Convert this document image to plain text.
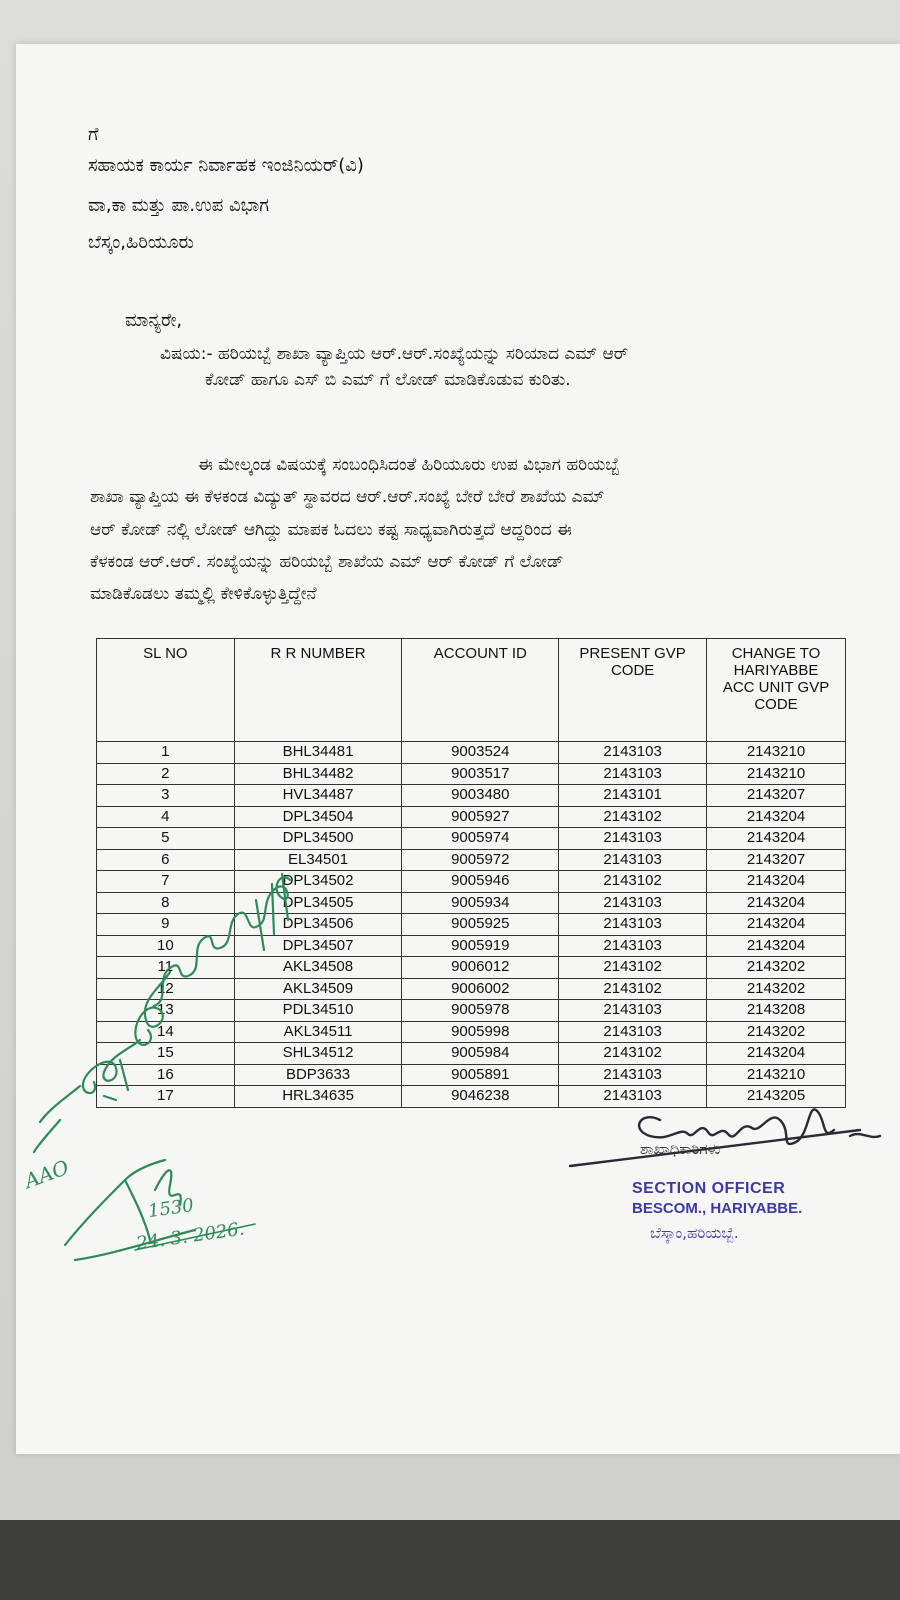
ಗೆ
ಸಹಾಯಕ ಕಾರ್ಯ ನಿರ್ವಾಹಕ ಇಂಜಿನಿಯರ್(ವಿ)
ವಾ,ಕಾ ಮತ್ತು ಪಾ.ಉಪ ವಿಭಾಗ
ಬೆಸ್ಕಂ,ಹಿರಿಯೂರು
ಮಾನ್ಯರೇ,
ವಿಷಯ:- ಹರಿಯಬ್ಬೆ ಶಾಖಾ ವ್ಯಾಪ್ತಿಯ ಆರ್.ಆರ್.ಸಂಖ್ಯೆಯನ್ನು ಸರಿಯಾದ ಎಮ್ ಆರ್
ಕೋಡ್ ಹಾಗೂ ಎಸ್ ಬಿ ಎಮ್ ಗೆ ಲೋಡ್ ಮಾಡಿಕೊಡುವ ಕುರಿತು.
ಈ ಮೇಲ್ಕಂಡ ವಿಷಯಕ್ಕೆ ಸಂಬಂಧಿಸಿದಂತೆ ಹಿರಿಯೂರು ಉಪ ವಿಭಾಗ ಹರಿಯಬ್ಬೆ
ಶಾಖಾ ವ್ಯಾಪ್ತಿಯ ಈ ಕೆಳಕಂಡ ವಿದ್ಯುತ್ ಸ್ಥಾವರದ ಆರ್.ಆರ್.ಸಂಖ್ಯೆ ಬೇರೆ ಬೇರೆ ಶಾಖೆಯ ಎಮ್
ಆರ್ ಕೋಡ್ ನಲ್ಲಿ ಲೋಡ್ ಆಗಿದ್ದು ಮಾಪಕ ಓದಲು ಕಷ್ಟ ಸಾಧ್ಯವಾಗಿರುತ್ತದೆ ಆದ್ದರಿಂದ ಈ
ಕೆಳಕಂಡ ಆರ್.ಆರ್. ಸಂಖ್ಯೆಯನ್ನು ಹರಿಯಬ್ಬೆ ಶಾಖೆಯ ಎಮ್ ಆರ್ ಕೋಡ್ ಗೆ ಲೋಡ್
ಮಾಡಿಕೊಡಲು ತಮ್ಮಲ್ಲಿ ಕೇಳಿಕೊಳ್ಳುತ್ತಿದ್ದೇನೆ
SL NO	R R NUMBER	ACCOUNT ID	PRESENT GVP CODE	CHANGE TO HARIYABBE ACC UNIT GVP CODE
1	BHL34481	9003524	2143103	2143210
2	BHL34482	9003517	2143103	2143210
3	HVL34487	9003480	2143101	2143207
4	DPL34504	9005927	2143102	2143204
5	DPL34500	9005974	2143103	2143204
6	EL34501	9005972	2143103	2143207
7	DPL34502	9005946	2143102	2143204
8	DPL34505	9005934	2143103	2143204
9	DPL34506	9005925	2143103	2143204
10	DPL34507	9005919	2143103	2143204
11	AKL34508	9006012	2143102	2143202
12	AKL34509	9006002	2143102	2143202
13	PDL34510	9005978	2143103	2143208
14	AKL34511	9005998	2143103	2143202
15	SHL34512	9005984	2143102	2143204
16	BDP3633	9005891	2143103	2143210
17	HRL34635	9046238	2143103	2143205
AAO
1530
24. 3. 2026.
ಶಾಖಾಧಿಕಾರಿಗಳು
SECTION OFFICER
BESCOM., HARIYABBE.
ಬೆಸ್ಕಾಂ,ಹರಿಯಬ್ಬೆ.
